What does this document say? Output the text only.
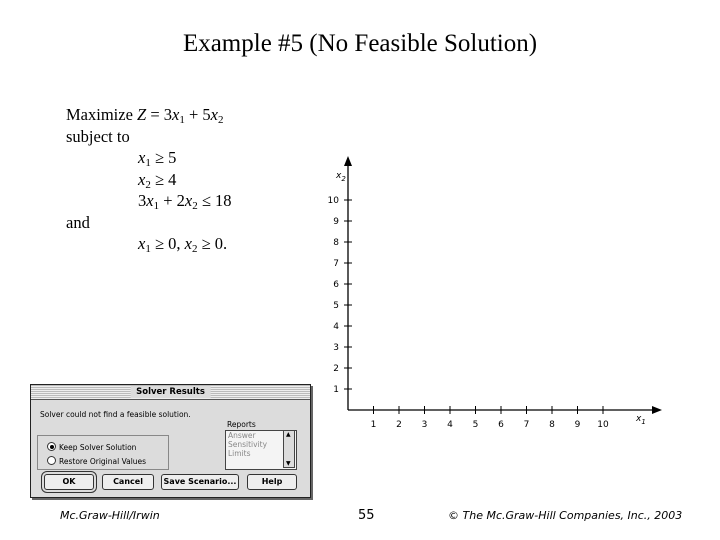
Example #5 (No Feasible Solution)
Maximize $Z = 3x_1 + 5x_2$
subject to
$x_1 \ge 5$
$x_2 \ge 4$
$3x_1 + 2x_2 \le 18$
and
$x_1 \ge 0$, $x_2 \ge 0$.
1 2 3 4 5 6 7 8 9 10
1
2
3
4
5
6
7
8
9
10
$x_2$
$x_1$
Solver Results
Solver could not find a feasible solution.
Reports
Answer
Sensitivity
Limits
▲ ▼
Keep Solver Solution
Restore Original Values
OK	Cancel	Save Scenario...	Help
Mc.Graw-Hill/Irwin	55	© The Mc.Graw-Hill Companies, Inc., 2003
